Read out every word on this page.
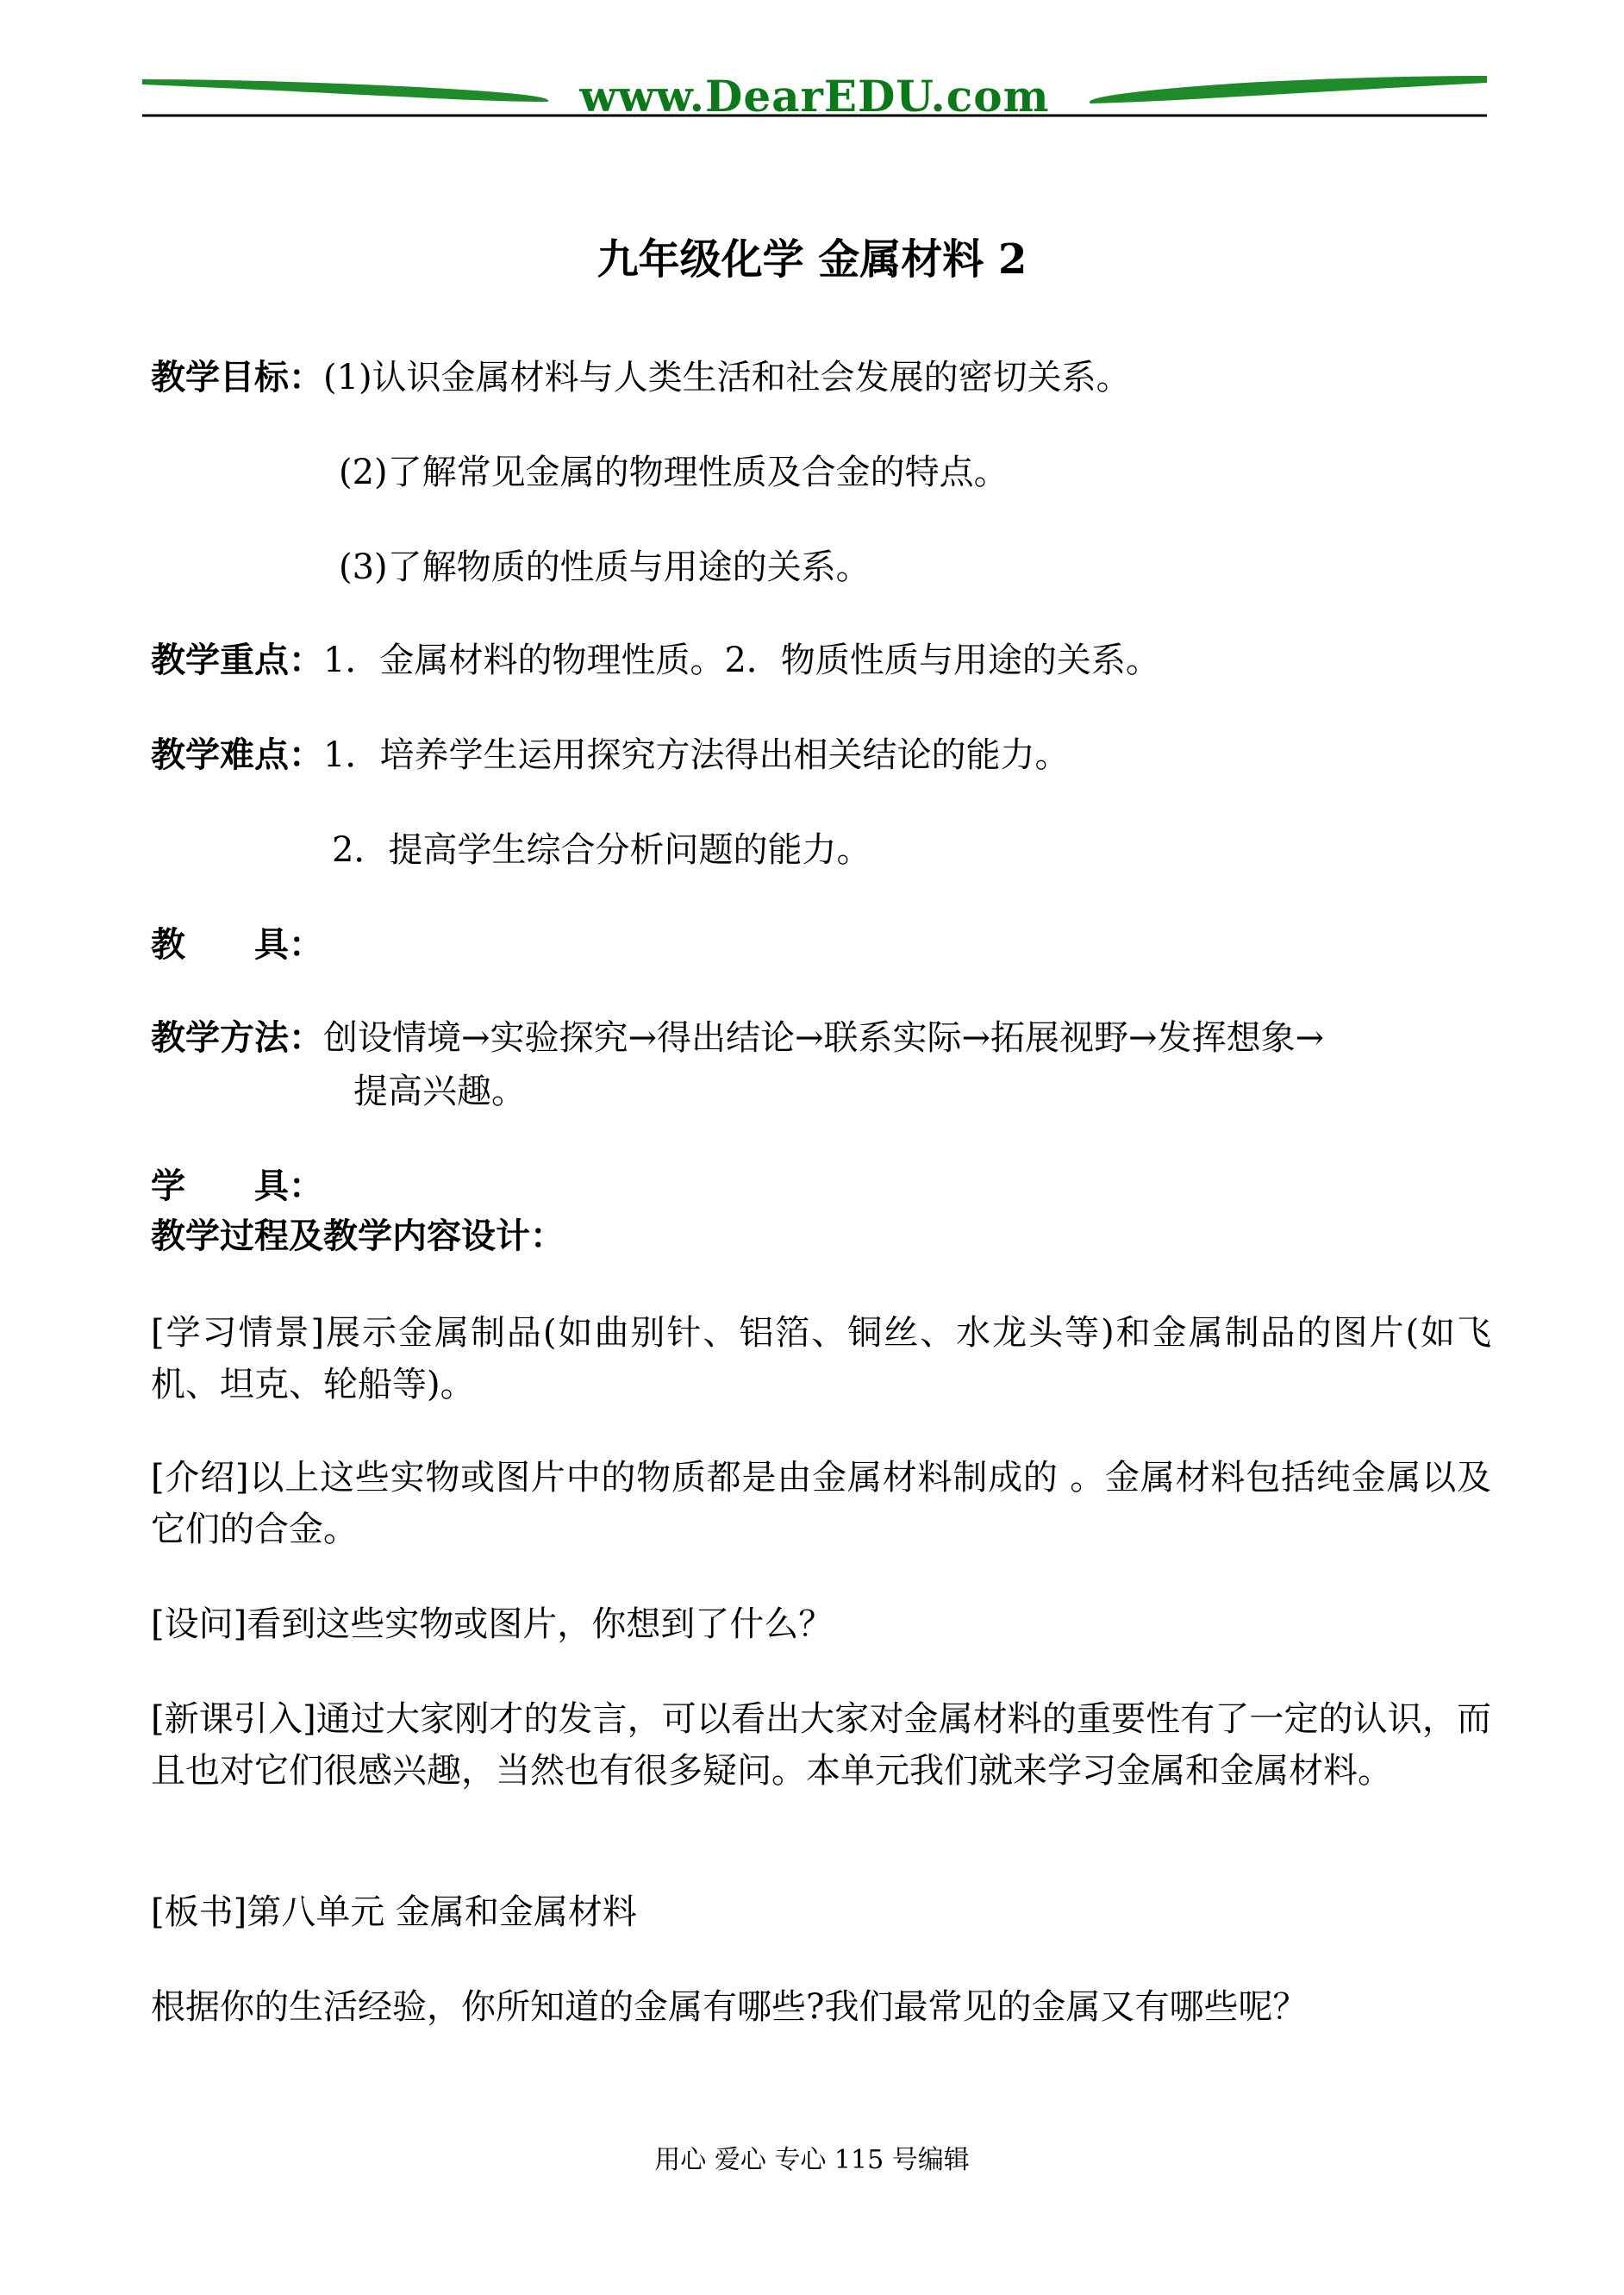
www.DearEDU.com
九年级化学 金属材料 2
教学目标：(1)认识金属材料与人类生活和社会发展的密切关系。
(2)了解常见金属的物理性质及合金的特点。
(3)了解物质的性质与用途的关系。
教学重点：1．金属材料的物理性质。2．物质性质与用途的关系。
教学难点：1．培养学生运用探究方法得出相关结论的能力。
2．提高学生综合分析问题的能力。
教　　具：
教学方法：创设情境→实验探究→得出结论→联系实际→拓展视野→发挥想象→
提高兴趣。
学　　具：
教学过程及教学内容设计：
[学习情景]展示金属制品(如曲别针、铝箔、铜丝、水龙头等)和金属制品的图片(如飞机、坦克、轮船等)。
[介绍]以上这些实物或图片中的物质都是由金属材料制成的 。金属材料包括纯金属以及它们的合金。
[设问]看到这些实物或图片，你想到了什么？
[新课引入]通过大家刚才的发言，可以看出大家对金属材料的重要性有了一定的认识，而且也对它们很感兴趣，当然也有很多疑问。本单元我们就来学习金属和金属材料。
[板书]第八单元 金属和金属材料
根据你的生活经验，你所知道的金属有哪些?我们最常见的金属又有哪些呢？
用心 爱心 专心 115 号编辑
